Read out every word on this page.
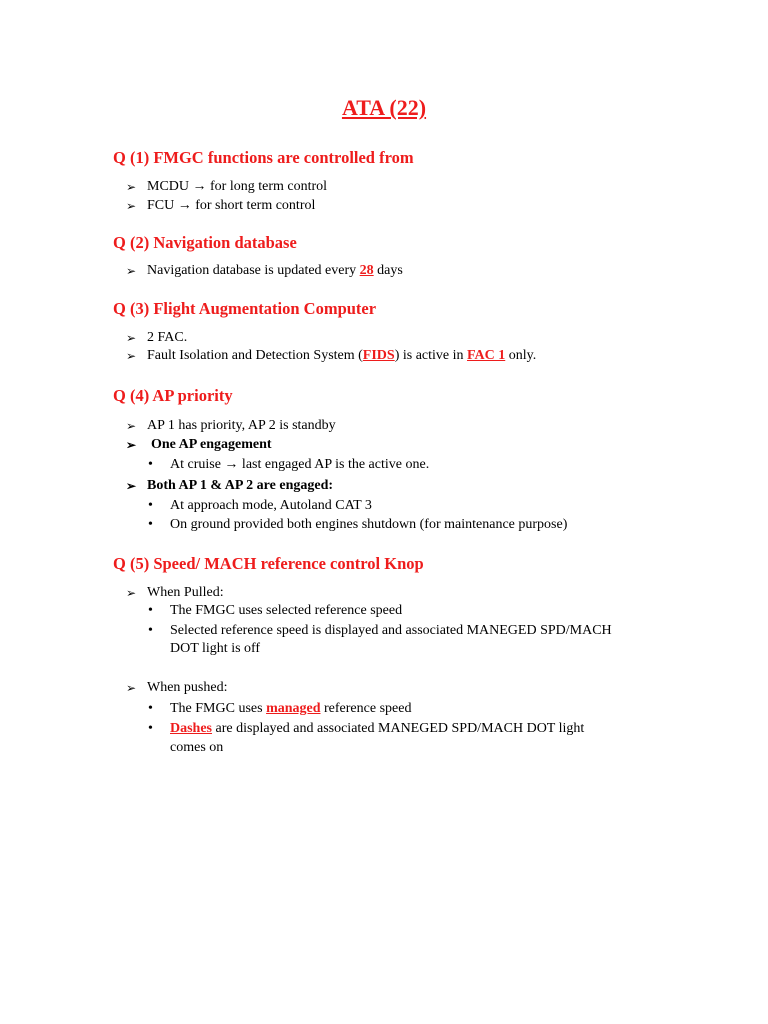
ATA (22)
Q (1) FMGC functions are controlled from
➢ MCDU → for long term control
➢ FCU → for short term control
Q (2) Navigation database
➢ Navigation database is updated every 28 days
Q (3) Flight Augmentation Computer
➢ 2 FAC.
➢ Fault Isolation and Detection System (FIDS) is active in FAC 1 only.
Q (4) AP priority
➢ AP 1 has priority, AP 2 is standby
➢ One AP engagement
• At cruise → last engaged AP is the active one.
➢ Both AP 1 & AP 2 are engaged:
• At approach mode, Autoland CAT 3
• On ground provided both engines shutdown (for maintenance purpose)
Q (5) Speed/ MACH reference control Knop
➢ When Pulled:
• The FMGC uses selected reference speed
• Selected reference speed is displayed and associated MANEGED SPD/MACH
DOT light is off
➢ When pushed:
• The FMGC uses managed reference speed
• Dashes are displayed and associated MANEGED SPD/MACH DOT light
comes on
